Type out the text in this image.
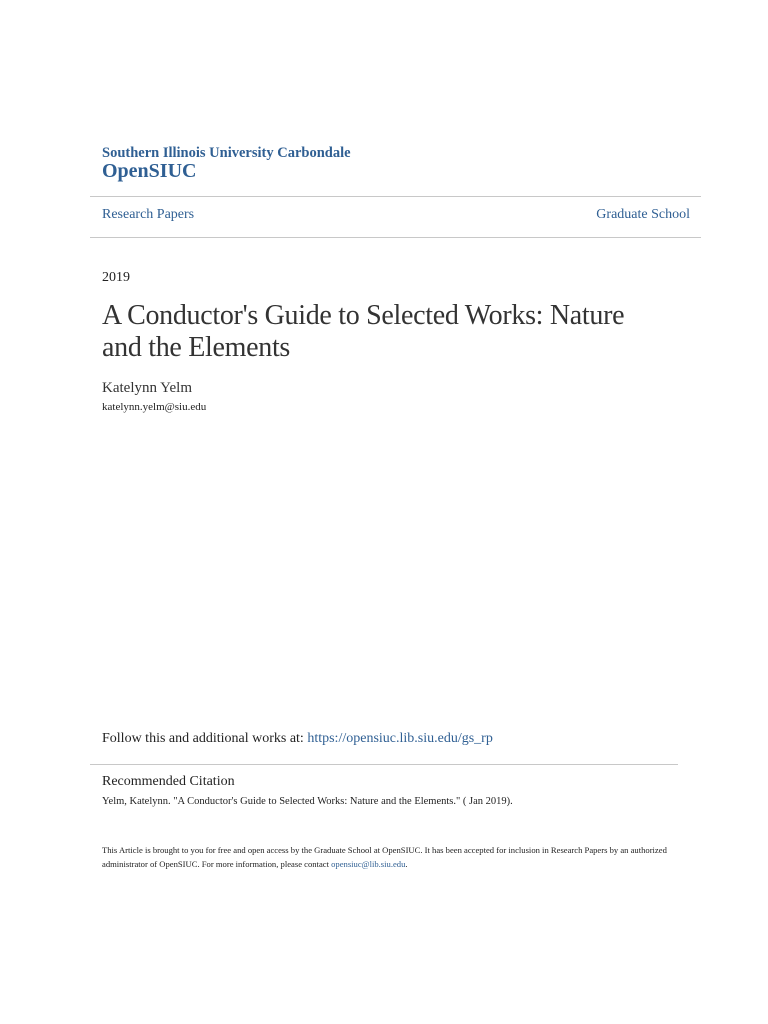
Southern Illinois University Carbondale
OpenSIUC
Research Papers	Graduate School
2019
A Conductor's Guide to Selected Works: Nature and the Elements
Katelynn Yelm
katelynn.yelm@siu.edu
Follow this and additional works at: https://opensiuc.lib.siu.edu/gs_rp
Recommended Citation
Yelm, Katelynn. "A Conductor's Guide to Selected Works: Nature and the Elements." ( Jan 2019).
This Article is brought to you for free and open access by the Graduate School at OpenSIUC. It has been accepted for inclusion in Research Papers by an authorized administrator of OpenSIUC. For more information, please contact opensiuc@lib.siu.edu.
